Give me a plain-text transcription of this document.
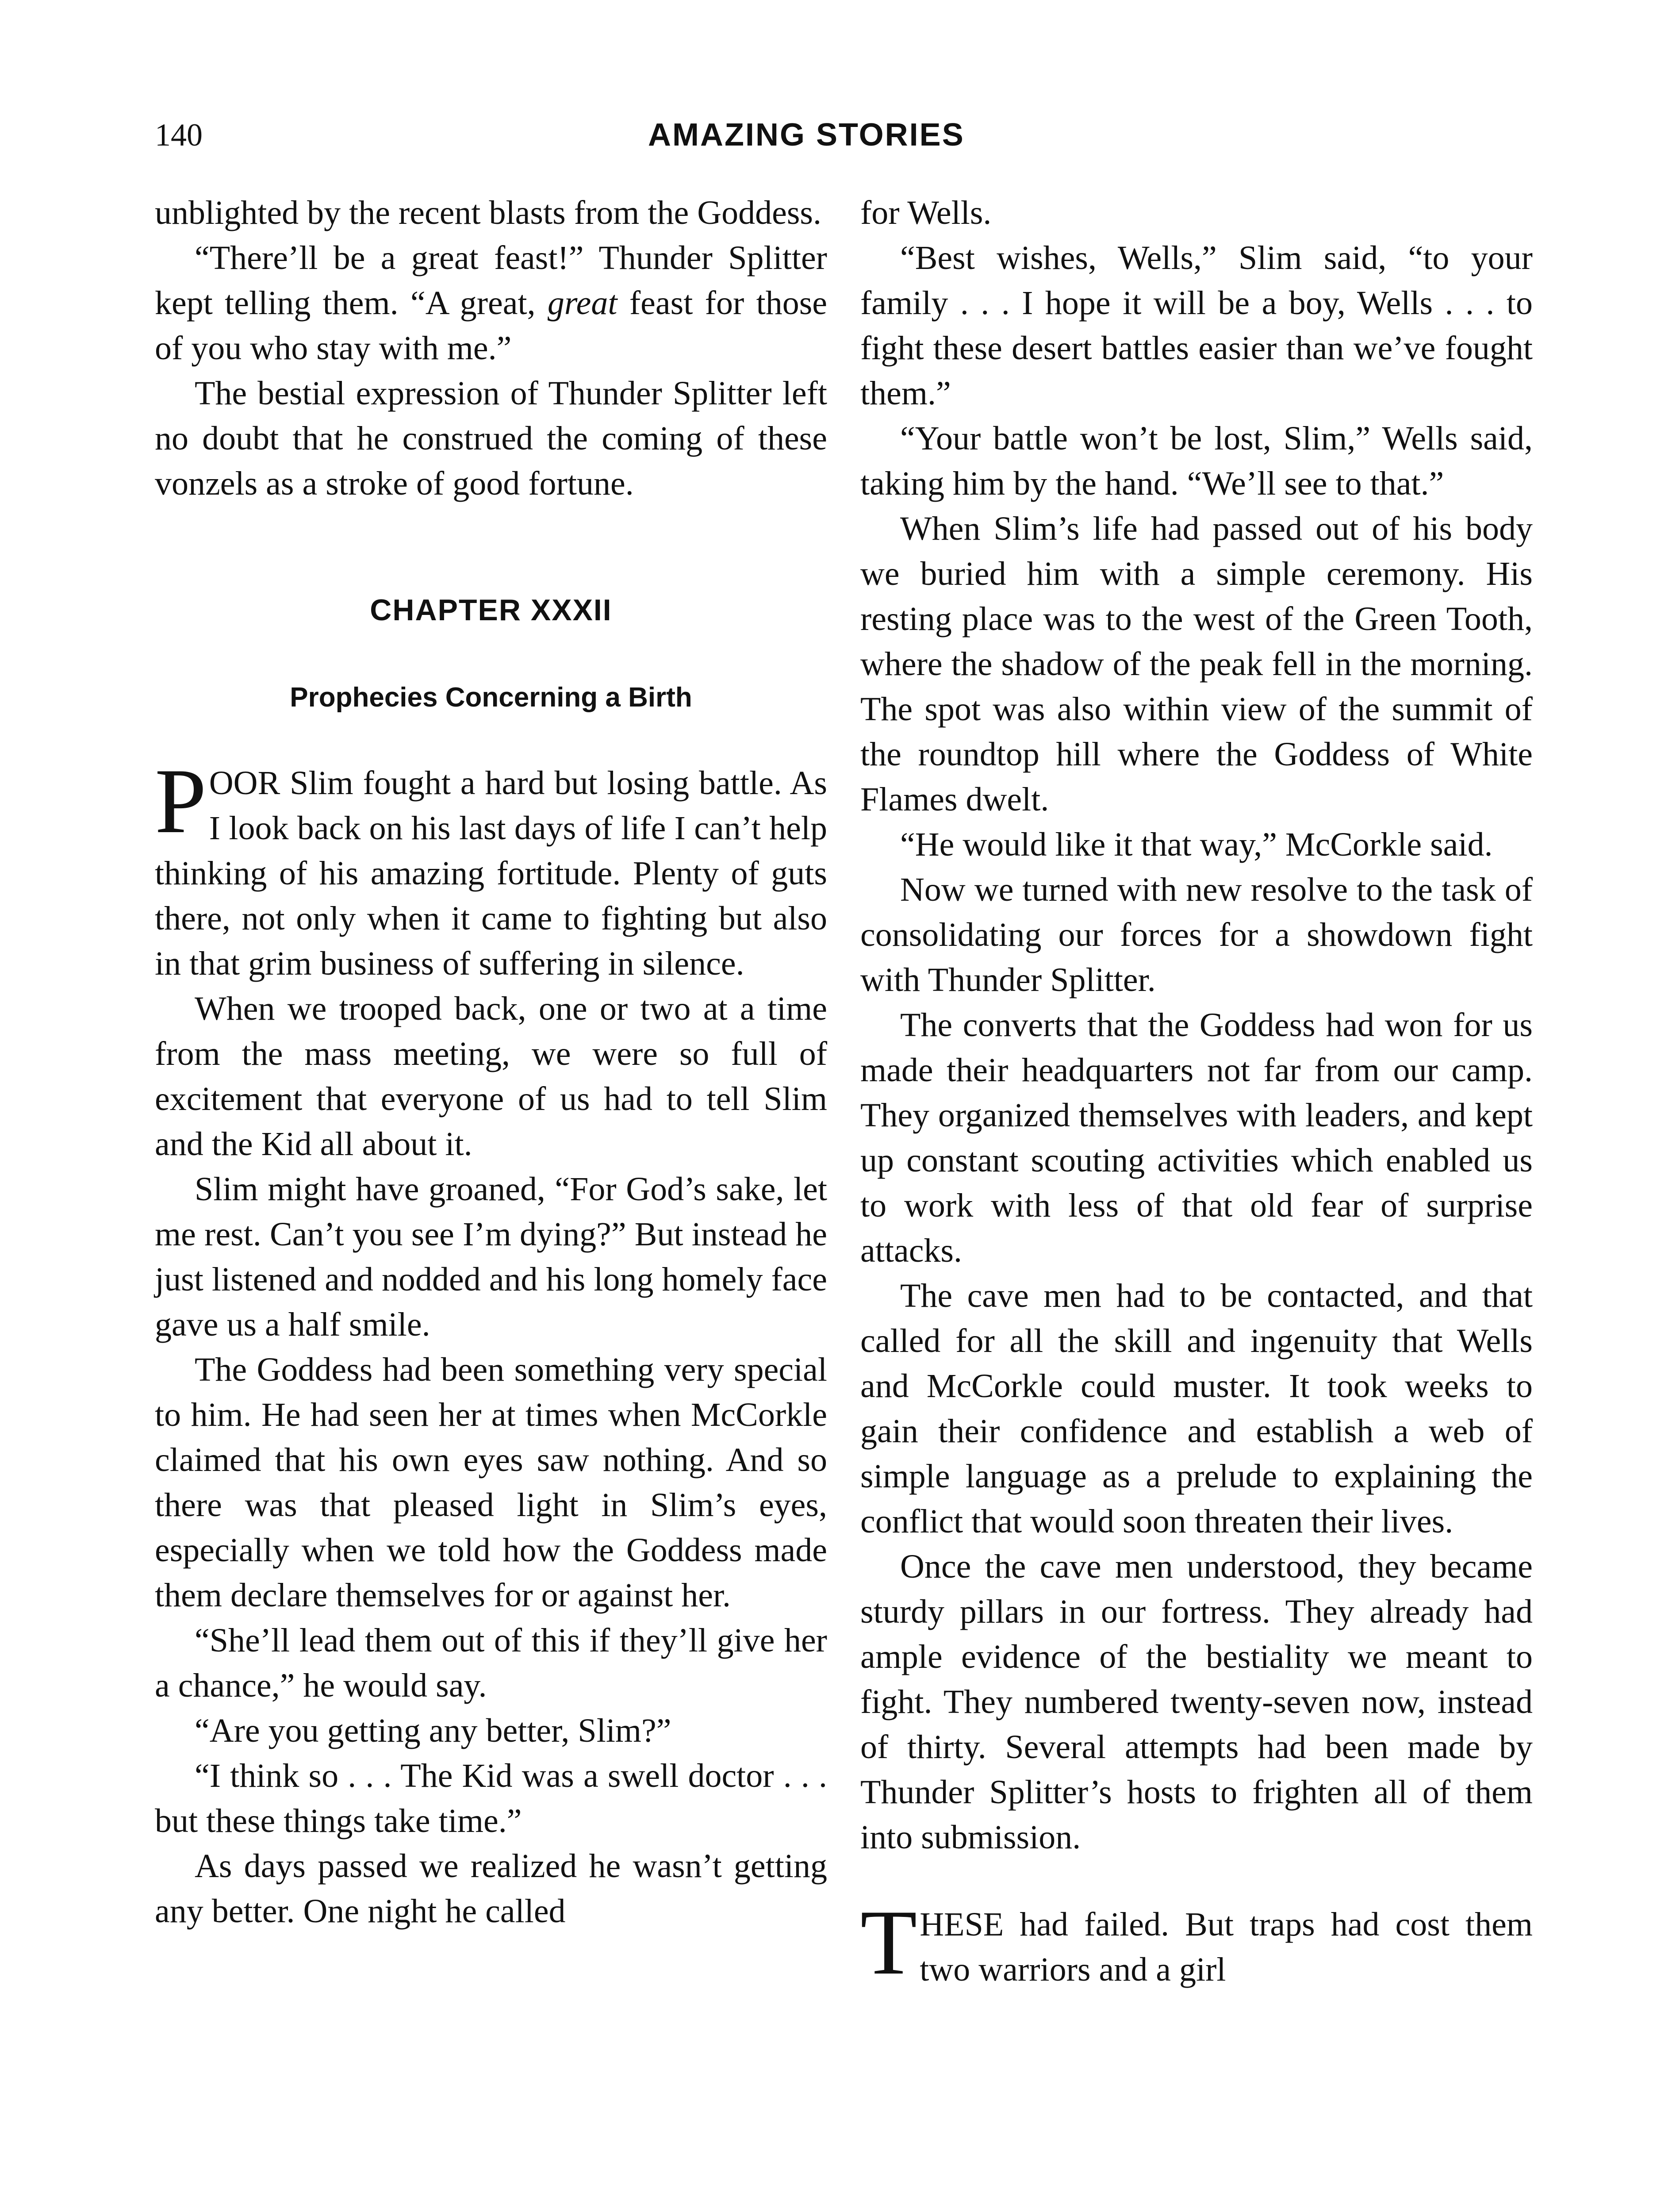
140	AMAZING STORIES

unblighted by the recent blasts from the Goddess.

“There’ll be a great feast!” Thunder Splitter kept telling them. “A great, great feast for those of you who stay with me.”

The bestial expression of Thunder Splitter left no doubt that he construed the coming of these vonzels as a stroke of good fortune.

CHAPTER XXXII
Prophecies Concerning a Birth

POOR Slim fought a hard but losing battle. As I look back on his last days of life I can’t help thinking of his amazing fortitude. Plenty of guts there, not only when it came to fighting but also in that grim business of suffering in silence.

When we trooped back, one or two at a time from the mass meeting, we were so full of excitement that everyone of us had to tell Slim and the Kid all about it.

Slim might have groaned, “For God’s sake, let me rest. Can’t you see I’m dying?” But instead he just listened and nodded and his long homely face gave us a half smile.

The Goddess had been something very special to him. He had seen her at times when McCorkle claimed that his own eyes saw nothing. And so there was that pleased light in Slim’s eyes, especially when we told how the Goddess made them declare themselves for or against her.

“She’ll lead them out of this if they’ll give her a chance,” he would say.

“Are you getting any better, Slim?”

“I think so . . . The Kid was a swell doctor . . . but these things take time.”

As days passed we realized he wasn’t getting any better. One night he called

for Wells.

“Best wishes, Wells,” Slim said, “to your family . . . I hope it will be a boy, Wells . . . to fight these desert battles easier than we’ve fought them.”

“Your battle won’t be lost, Slim,” Wells said, taking him by the hand. “We’ll see to that.”

When Slim’s life had passed out of his body we buried him with a simple ceremony. His resting place was to the west of the Green Tooth, where the shadow of the peak fell in the morning. The spot was also within view of the summit of the roundtop hill where the Goddess of White Flames dwelt.

“He would like it that way,” McCorkle said.

Now we turned with new resolve to the task of consolidating our forces for a showdown fight with Thunder Splitter.

The converts that the Goddess had won for us made their headquarters not far from our camp. They organized themselves with leaders, and kept up constant scouting activities which enabled us to work with less of that old fear of surprise attacks.

The cave men had to be contacted, and that called for all the skill and ingenuity that Wells and McCorkle could muster. It took weeks to gain their confidence and establish a web of simple language as a prelude to explaining the conflict that would soon threaten their lives.

Once the cave men understood, they became sturdy pillars in our fortress. They already had ample evidence of the bestiality we meant to fight. They numbered twenty-seven now, instead of thirty. Several attempts had been made by Thunder Splitter’s hosts to frighten all of them into submission.

THESE had failed. But traps had cost them two warriors and a girl
